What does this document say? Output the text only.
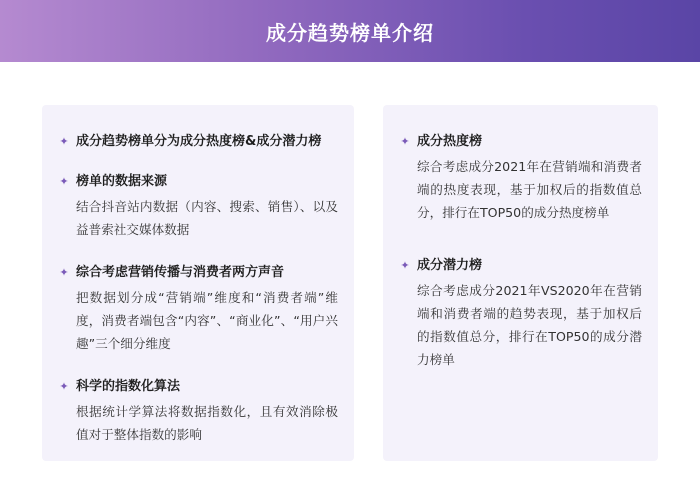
成分趋势榜单介绍
✦ 成分趋势榜单分为成分热度榜&成分潜力榜
✦ 榜单的数据来源
结合抖音站内数据（内容、搜索、销售）、以及益普索社交媒体数据
✦ 综合考虑营销传播与消费者两方声音
把数据划分成“营销端”维度和“消费者端”维度，消费者端包含“内容”、“商业化”、“用户兴趣”三个细分维度
✦ 科学的指数化算法
根据统计学算法将数据指数化，且有效消除极值对于整体指数的影响
✦ 成分热度榜
综合考虑成分2021年在营销端和消费者端的热度表现，基于加权后的指数值总分，排行在TOP50的成分热度榜单
✦ 成分潜力榜
综合考虑成分2021年VS2020年在营销端和消费者端的趋势表现，基于加权后的指数值总分，排行在TOP50的成分潜力榜单
